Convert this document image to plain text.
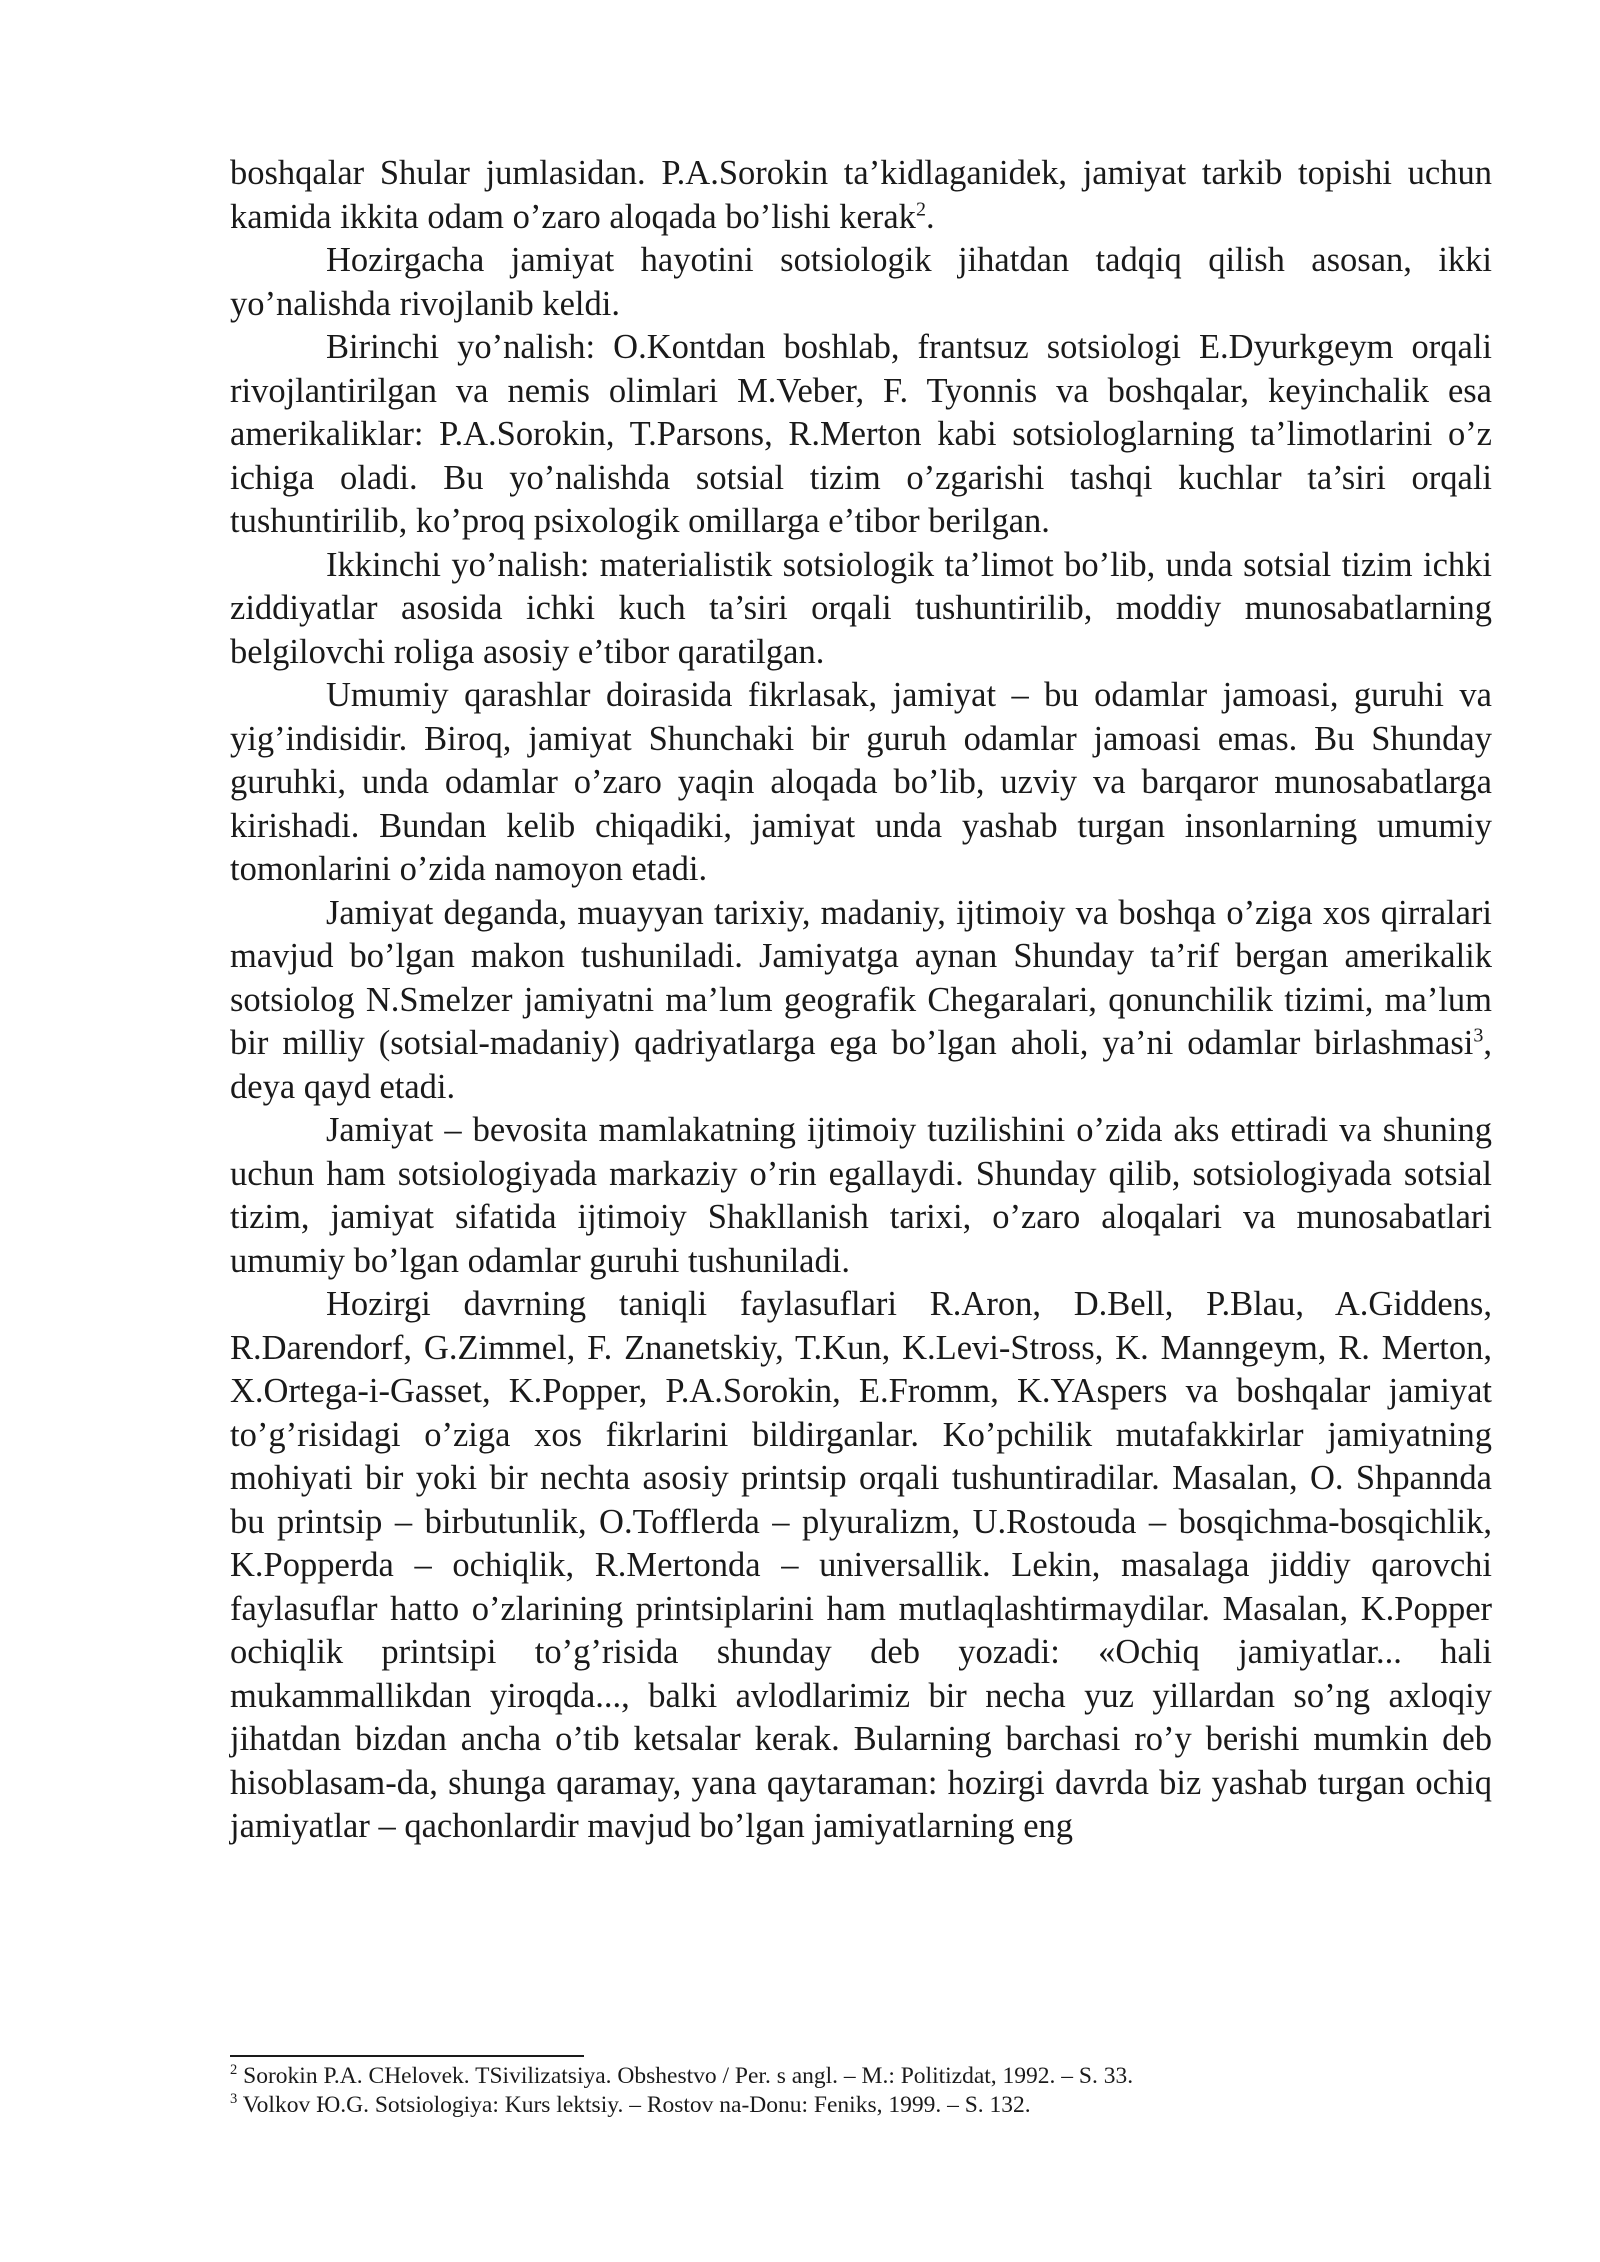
boshqalar Shular jumlasidan. P.A.Sorokin ta’kidlaganidek, jamiyat tarkib topishi uchun kamida ikkita odam o’zaro aloqada bo’lishi kerak$^2$.

Hozirgacha jamiyat hayotini sotsiologik jihatdan tadqiq qilish asosan, ikki yo’nalishda rivojlanib keldi.

Birinchi yo’nalish: O.Kontdan boshlab, frantsuz sotsiologi E.Dyurkgeym orqali rivojlantirilgan va nemis olimlari M.Veber, F. Tyonnis va boshqalar, keyinchalik esa amerikaliklar: P.A.Sorokin, T.Parsons, R.Merton kabi sotsiologlarning ta’limotlarini o’z ichiga oladi. Bu yo’nalishda sotsial tizim o’zgarishi tashqi kuchlar ta’siri orqali tushuntirilib, ko’proq psixologik omillarga e’tibor berilgan.

Ikkinchi yo’nalish: materialistik sotsiologik ta’limot bo’lib, unda sotsial tizim ichki ziddiyatlar asosida ichki kuch ta’siri orqali tushuntirilib, moddiy munosabatlarning belgilovchi roliga asosiy e’tibor qaratilgan.

Umumiy qarashlar doirasida fikrlasak, jamiyat – bu odamlar jamoasi, guruhi va yig’indisidir. Biroq, jamiyat Shunchaki bir guruh odamlar jamoasi emas. Bu Shunday guruhki, unda odamlar o’zaro yaqin aloqada bo’lib, uzviy va barqaror munosabatlarga kirishadi. Bundan kelib chiqadiki, jamiyat unda yashab turgan insonlarning umumiy tomonlarini o’zida namoyon etadi.

Jamiyat deganda, muayyan tarixiy, madaniy, ijtimoiy va boshqa o’ziga xos qirralari mavjud bo’lgan makon tushuniladi. Jamiyatga aynan Shunday ta’rif bergan amerikalik sotsiolog N.Smelzer jamiyatni ma’lum geografik Chegaralari, qonunchilik tizimi, ma’lum bir milliy (sotsial-madaniy) qadriyatlarga ega bo’lgan aholi, ya’ni odamlar birlashmasi$^3$, deya qayd etadi.

Jamiyat – bevosita mamlakatning ijtimoiy tuzilishini o’zida aks ettiradi va shuning uchun ham sotsiologiyada markaziy o’rin egallaydi. Shunday qilib, sotsiologiyada sotsial tizim, jamiyat sifatida ijtimoiy Shakllanish tarixi, o’zaro aloqalari va munosabatlari umumiy bo’lgan odamlar guruhi tushuniladi.

Hozirgi davrning taniqli faylasuflari R.Aron, D.Bell, P.Blau, A.Giddens, R.Darendorf, G.Zimmel, F. Znanetskiy, T.Kun, K.Levi-Stross, K. Manngeym, R. Merton, X.Ortega-i-Gasset, K.Popper, P.A.Sorokin, E.Fromm, K.YAspers va boshqalar jamiyat to’g’risidagi o’ziga xos fikrlarini bildirganlar. Ko’pchilik mutafakkirlar jamiyatning mohiyati bir yoki bir nechta asosiy printsip orqali tushuntiradilar. Masalan, O. Shpannda bu printsip – birbutunlik, O.Tofflerda – plyuralizm, U.Rostouda – bosqichma-bosqichlik, K.Popperda – ochiqlik, R.Mertonda – universallik. Lekin, masalaga jiddiy qarovchi faylasuflar hatto o’zlarining printsiplarini ham mutlaqlashtirmaydilar. Masalan, K.Popper ochiqlik printsipi to’g’risida shunday deb yozadi: «Ochiq jamiyatlar... hali mukammallikdan yiroqda..., balki avlodlarimiz bir necha yuz yillardan so’ng axloqiy jihatdan bizdan ancha o’tib ketsalar kerak. Bularning barchasi ro’y berishi mumkin deb hisoblasam-da, shunga qaramay, yana qaytaraman: hozirgi davrda biz yashab turgan ochiq jamiyatlar – qachonlardir mavjud bo’lgan jamiyatlarning eng

$^2$ Sorokin P.A. CHelovek. TSivilizatsiya. Obshestvo / Per. s angl. – M.: Politizdat, 1992. – S. 33.
$^3$ Volkov Ю.G. Sotsiologiya: Kurs lektsiy. – Rostov na-Donu: Feniks, 1999. – S. 132.
